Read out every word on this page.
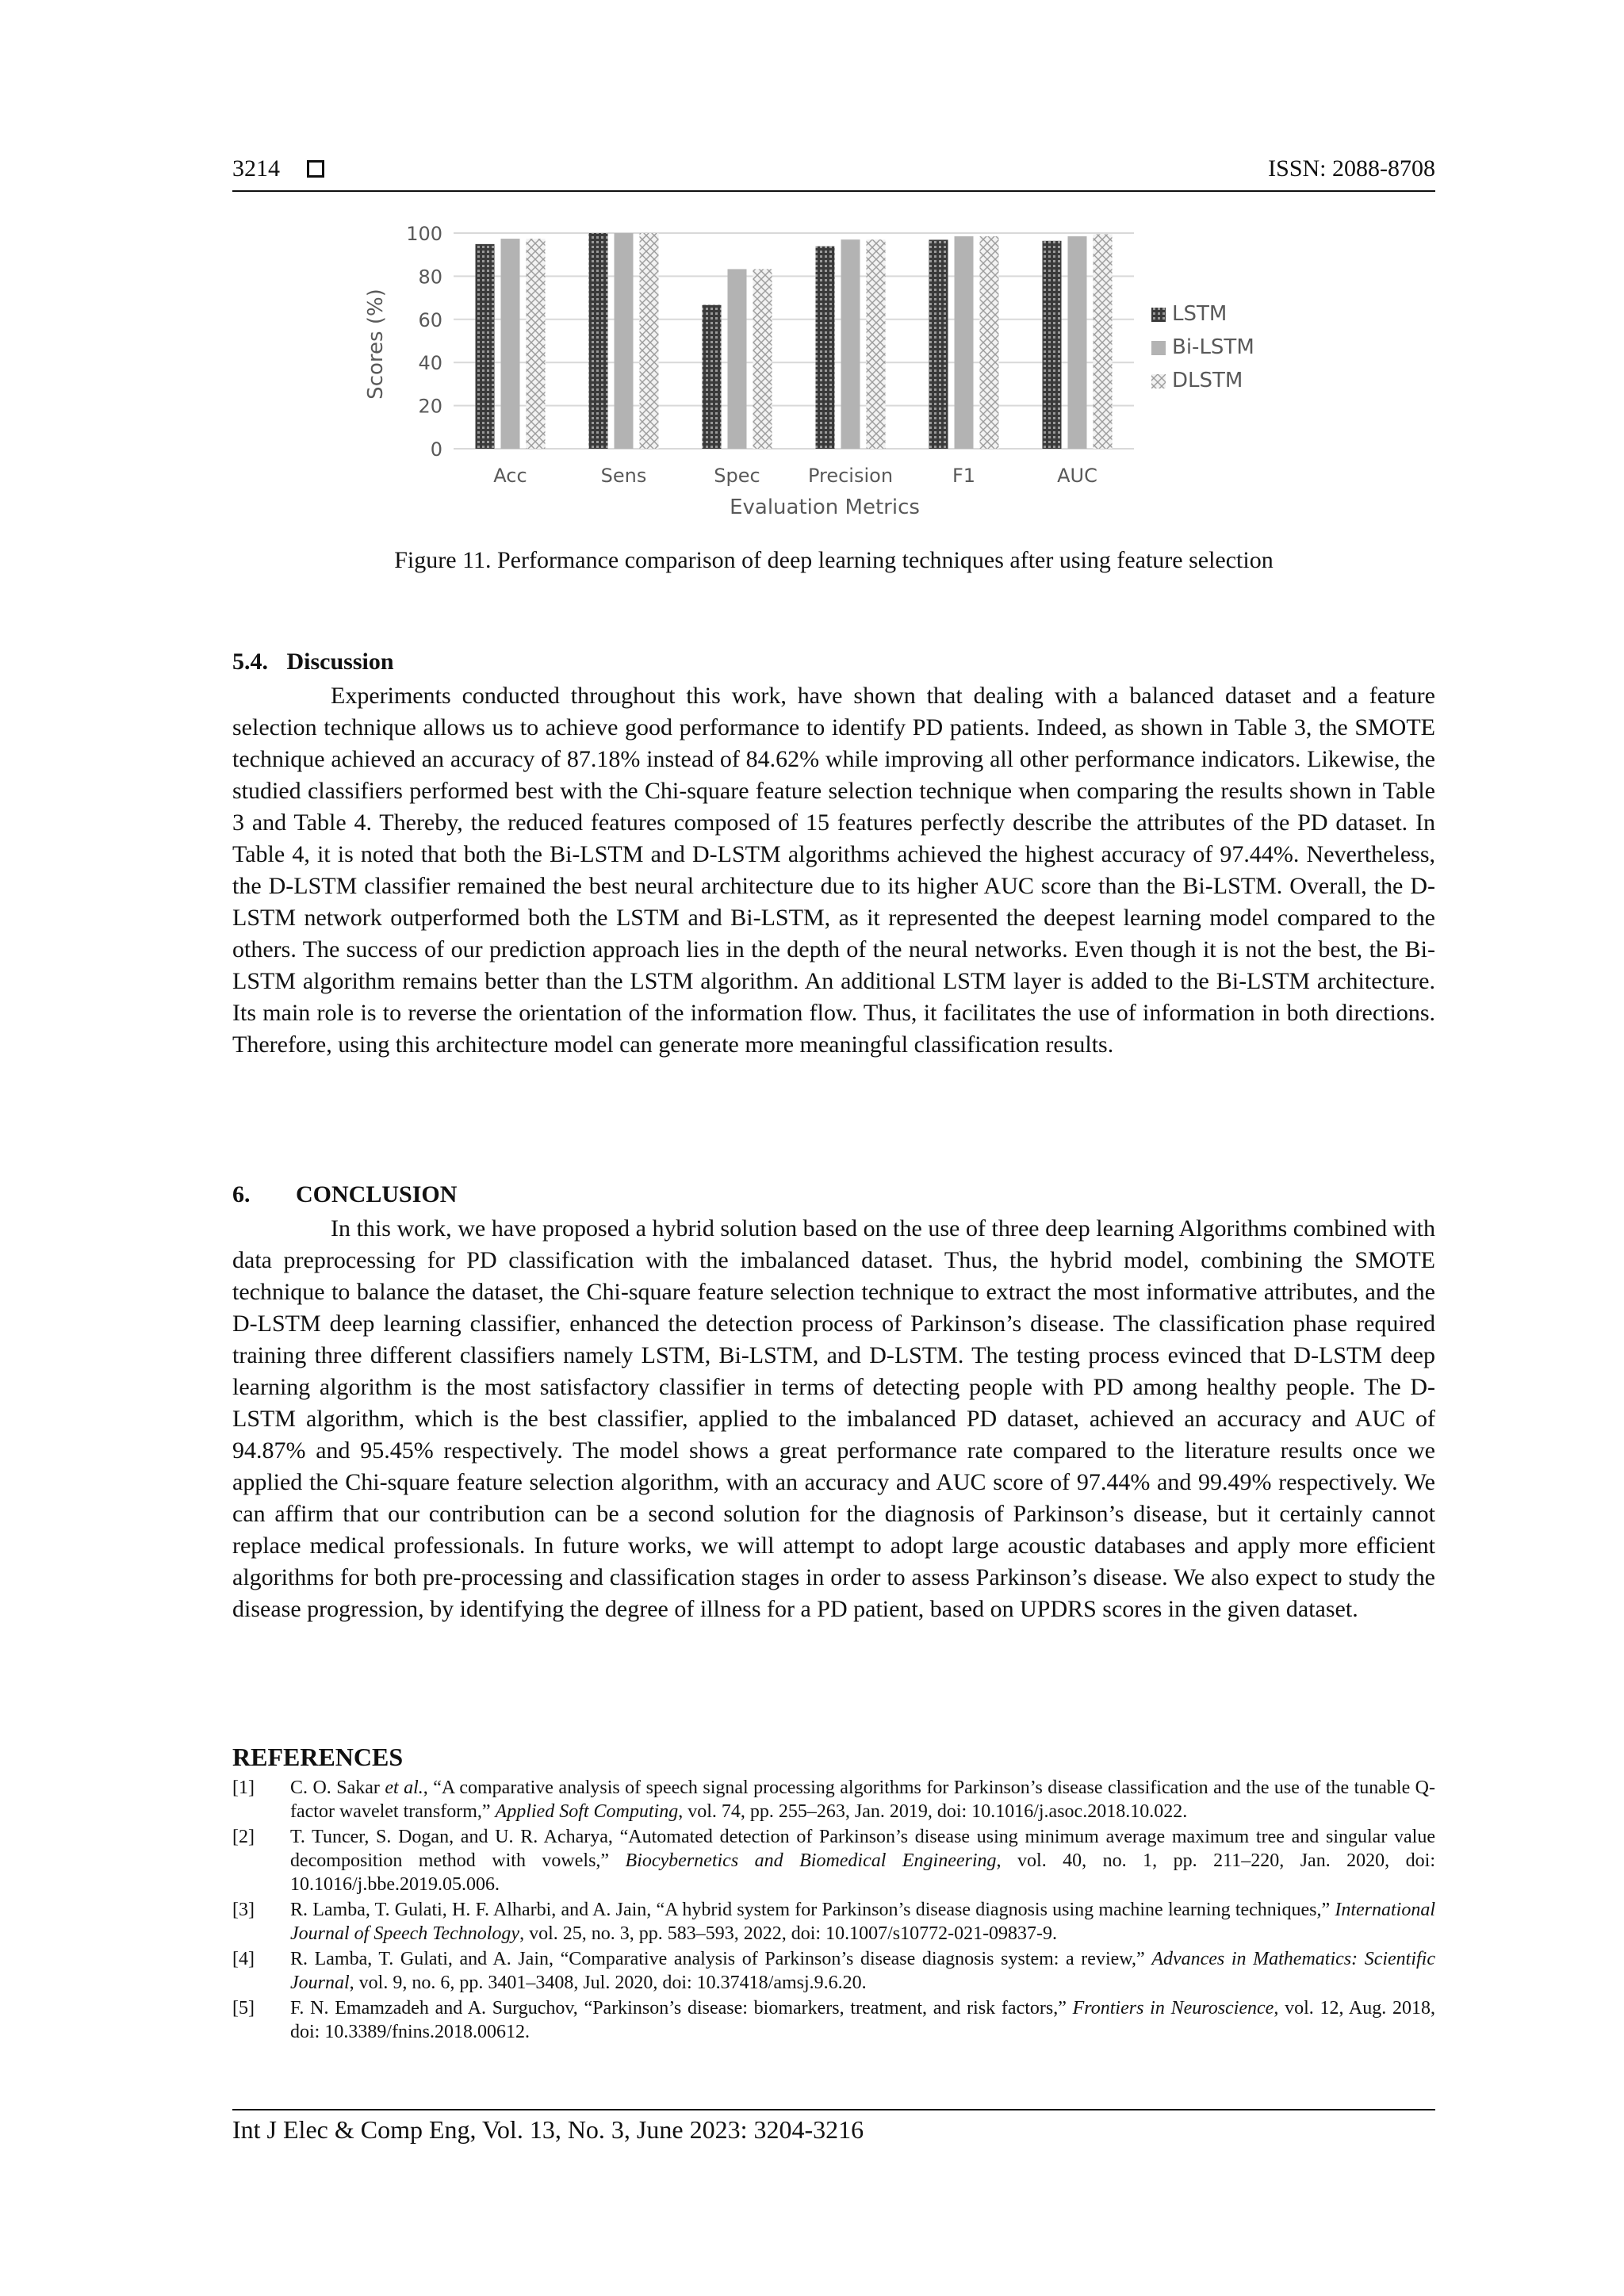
3214	ISSN: 2088-8708
0
20
40
60
80
100
Acc	Sens	Spec	Precision	F1	AUC
Scores (%)
Evaluation Metrics
LSTM
Bi-LSTM
DLSTM
Figure 11. Performance comparison of deep learning techniques after using feature selection
5.4. Discussion

Experiments conducted throughout this work, have shown that dealing with a balanced dataset and a feature selection technique allows us to achieve good performance to identify PD patients. Indeed, as shown in Table 3, the SMOTE technique achieved an accuracy of 87.18% instead of 84.62% while improving all other performance indicators. Likewise, the studied classifiers performed best with the Chi-square feature selection technique when comparing the results shown in Table 3 and Table 4. Thereby, the reduced features composed of 15 features perfectly describe the attributes of the PD dataset. In Table 4, it is noted that both the Bi-LSTM and D-LSTM algorithms achieved the highest accuracy of 97.44%. Nevertheless, the D-LSTM classifier remained the best neural architecture due to its higher AUC score than the Bi-LSTM. Overall, the D-LSTM network outperformed both the LSTM and Bi-LSTM, as it represented the deepest learning model compared to the others. The success of our prediction approach lies in the depth of the neural networks. Even though it is not the best, the Bi-LSTM algorithm remains better than the LSTM algorithm. An additional LSTM layer is added to the Bi-LSTM architecture. Its main role is to reverse the orientation of the information flow. Thus, it facilitates the use of information in both directions. Therefore, using this architecture model can generate more meaningful classification results.

6. CONCLUSION

In this work, we have proposed a hybrid solution based on the use of three deep learning Algorithms combined with data preprocessing for PD classification with the imbalanced dataset. Thus, the hybrid model, combining the SMOTE technique to balance the dataset, the Chi-square feature selection technique to extract the most informative attributes, and the D-LSTM deep learning classifier, enhanced the detection process of Parkinson’s disease. The classification phase required training three different classifiers namely LSTM, Bi-LSTM, and D-LSTM. The testing process evinced that D-LSTM deep learning algorithm is the most satisfactory classifier in terms of detecting people with PD among healthy people. The D-LSTM algorithm, which is the best classifier, applied to the imbalanced PD dataset, achieved an accuracy and AUC of 94.87% and 95.45% respectively. The model shows a great performance rate compared to the literature results once we applied the Chi-square feature selection algorithm, with an accuracy and AUC score of 97.44% and 99.49% respectively. We can affirm that our contribution can be a second solution for the diagnosis of Parkinson’s disease, but it certainly cannot replace medical professionals. In future works, we will attempt to adopt large acoustic databases and apply more efficient algorithms for both pre-processing and classification stages in order to assess Parkinson’s disease. We also expect to study the disease progression, by identifying the degree of illness for a PD patient, based on UPDRS scores in the given dataset.

REFERENCES
[1]	C. O. Sakar et al., “A comparative analysis of speech signal processing algorithms for Parkinson’s disease classification and the use of the tunable Q-factor wavelet transform,” Applied Soft Computing, vol. 74, pp. 255–263, Jan. 2019, doi: 10.1016/j.asoc.2018.10.022.
[2]	T. Tuncer, S. Dogan, and U. R. Acharya, “Automated detection of Parkinson’s disease using minimum average maximum tree and singular value decomposition method with vowels,” Biocybernetics and Biomedical Engineering, vol. 40, no. 1, pp. 211–220, Jan. 2020, doi: 10.1016/j.bbe.2019.05.006.
[3]	R. Lamba, T. Gulati, H. F. Alharbi, and A. Jain, “A hybrid system for Parkinson’s disease diagnosis using machine learning techniques,” International Journal of Speech Technology, vol. 25, no. 3, pp. 583–593, 2022, doi: 10.1007/s10772-021-09837-9.
[4]	R. Lamba, T. Gulati, and A. Jain, “Comparative analysis of Parkinson’s disease diagnosis system: a review,” Advances in Mathematics: Scientific Journal, vol. 9, no. 6, pp. 3401–3408, Jul. 2020, doi: 10.37418/amsj.9.6.20.
[5]	F. N. Emamzadeh and A. Surguchov, “Parkinson’s disease: biomarkers, treatment, and risk factors,” Frontiers in Neuroscience, vol. 12, Aug. 2018, doi: 10.3389/fnins.2018.00612.
Int J Elec & Comp Eng, Vol. 13, No. 3, June 2023: 3204-3216
